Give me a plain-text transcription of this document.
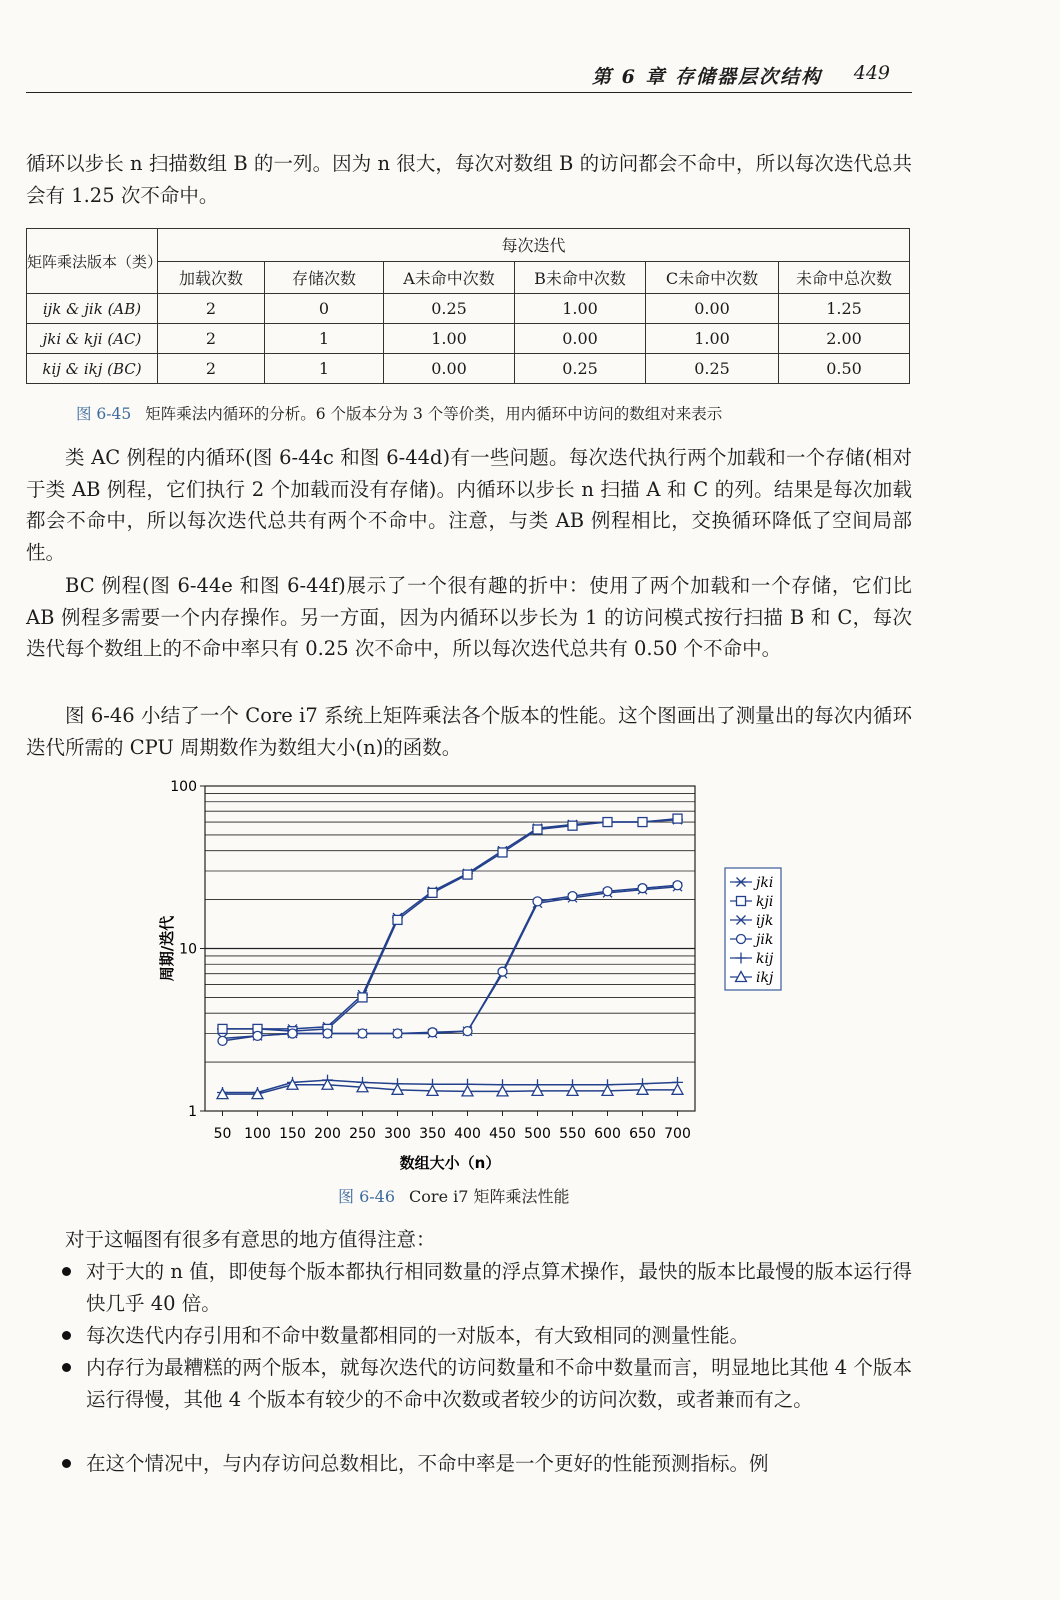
第 6 章 存储器层次结构 449

循环以步长 n 扫描数组 B 的一列。因为 n 很大，每次对数组 B 的访问都会不命中，所以每次迭代总共会有 1.25 次不命中。

矩阵乘法版本（类）	每次迭代					
	加载次数	存储次数	A未命中次数	B未命中次数	C未命中次数	未命中总次数
ijk & jik (AB)	2	0	0.25	1.00	0.00	1.25
jki & kji (AC)	2	1	1.00	0.00	1.00	2.00
kij & ikj (BC)	2	1	0.00	0.25	0.25	0.50
图 6-45 矩阵乘法内循环的分析。6 个版本分为 3 个等价类，用内循环中访问的数组对来表示

类 AC 例程的内循环(图 6-44c 和图 6-44d)有一些问题。每次迭代执行两个加载和一个存储(相对于类 AB 例程，它们执行 2 个加载而没有存储)。内循环以步长 n 扫描 A 和 C 的列。结果是每次加载都会不命中，所以每次迭代总共有两个不命中。注意，与类 AB 例程相比，交换循环降低了空间局部性。

BC 例程(图 6-44e 和图 6-44f)展示了一个很有趣的折中：使用了两个加载和一个存储，它们比 AB 例程多需要一个内存操作。另一方面，因为内循环以步长为 1 的访问模式按行扫描 B 和 C，每次迭代每个数组上的不命中率只有 0.25 次不命中，所以每次迭代总共有 0.50 个不命中。

图 6-46 小结了一个 Core i7 系统上矩阵乘法各个版本的性能。这个图画出了测量出的每次内循环迭代所需的 CPU 周期数作为数组大小(n)的函数。

1
10
100
50 100 150 200 250 300 350 400 450 500 550 600 650 700
jki
kji
ijk
jik
kij
ikj
周期/迭代
数组大小（n）
图 6-46 Core i7 矩阵乘法性能

对于这幅图有很多有意思的地方值得注意：

对于大的 n 值，即使每个版本都执行相同数量的浮点算术操作，最快的版本比最慢的版本运行得快几乎 40 倍。
每次迭代内存引用和不命中数量都相同的一对版本，有大致相同的测量性能。
内存行为最糟糕的两个版本，就每次迭代的访问数量和不命中数量而言，明显地比其他 4 个版本运行得慢，其他 4 个版本有较少的不命中次数或者较少的访问次数，或者兼而有之。
在这个情况中，与内存访问总数相比，不命中率是一个更好的性能预测指标。例
